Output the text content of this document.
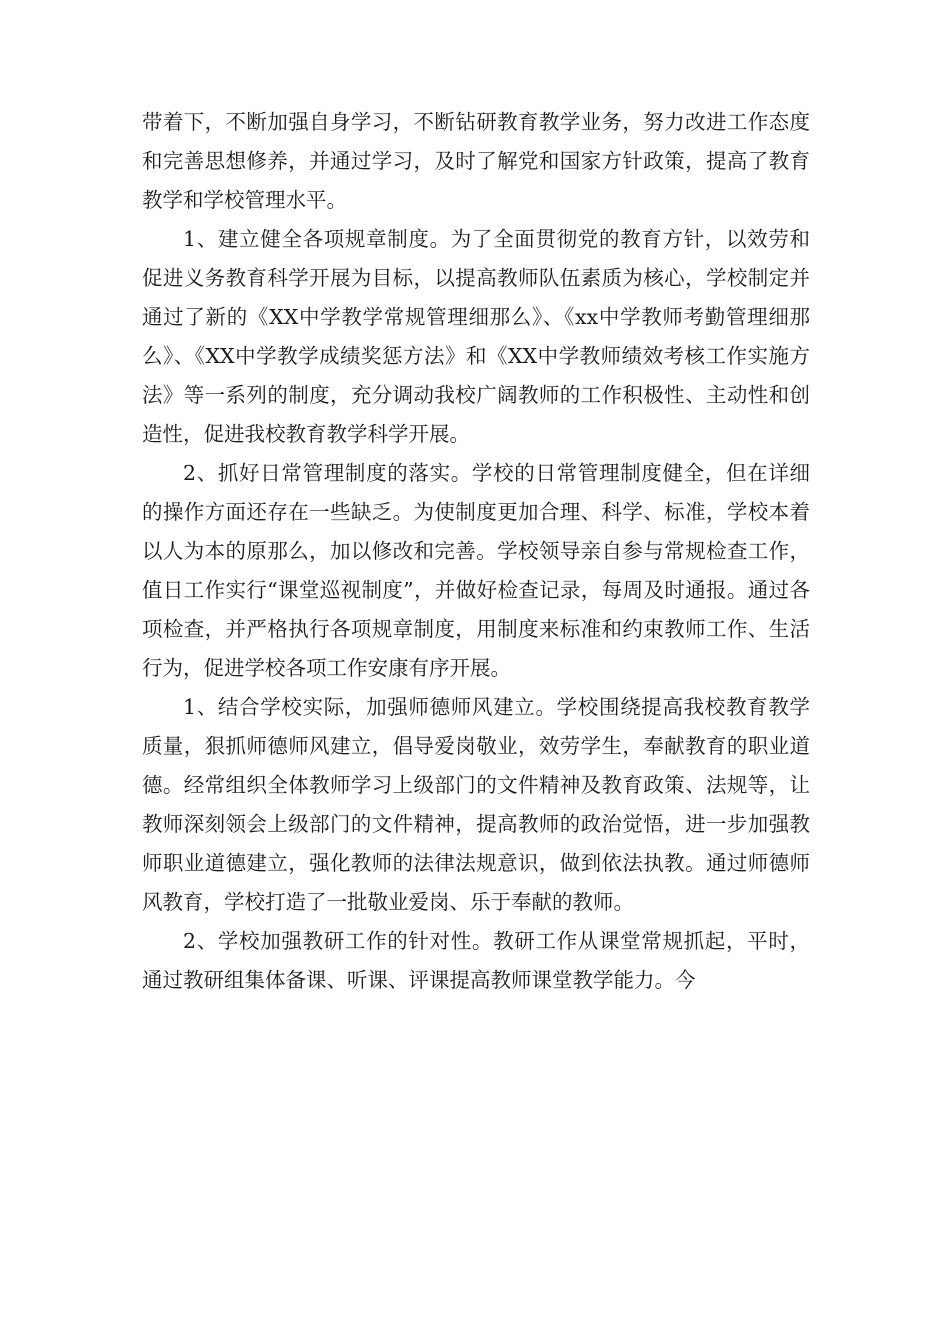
带着下，不断加强自身学习，不断钻研教育教学业务，努力改进工作态度和完善思想修养，并通过学习，及时了解党和国家方针政策，提高了教育教学和学校管理水平。

1、建立健全各项规章制度。为了全面贯彻党的教育方针，以效劳和促进义务教育科学开展为目标，以提高教师队伍素质为核心，学校制定并通过了新的《XX中学教学常规管理细那么》、《xx中学教师考勤管理细那么》、《XX中学教学成绩奖惩方法》和《XX中学教师绩效考核工作实施方法》等一系列的制度，充分调动我校广阔教师的工作积极性、主动性和创造性，促进我校教育教学科学开展。

2、抓好日常管理制度的落实。学校的日常管理制度健全，但在详细的操作方面还存在一些缺乏。为使制度更加合理、科学、标准，学校本着以人为本的原那么，加以修改和完善。学校领导亲自参与常规检查工作，值日工作实行“课堂巡视制度”，并做好检查记录，每周及时通报。通过各项检查，并严格执行各项规章制度，用制度来标准和约束教师工作、生活行为，促进学校各项工作安康有序开展。

1、结合学校实际，加强师德师风建立。学校围绕提高我校教育教学质量，狠抓师德师风建立，倡导爱岗敬业，效劳学生，奉献教育的职业道德。经常组织全体教师学习上级部门的文件精神及教育政策、法规等，让教师深刻领会上级部门的文件精神，提高教师的政治觉悟，进一步加强教师职业道德建立，强化教师的法律法规意识，做到依法执教。通过师德师风教育，学校打造了一批敬业爱岗、乐于奉献的教师。

2、学校加强教研工作的针对性。教研工作从课堂常规抓起，平时，通过教研组集体备课、听课、评课提高教师课堂教学能力。今
